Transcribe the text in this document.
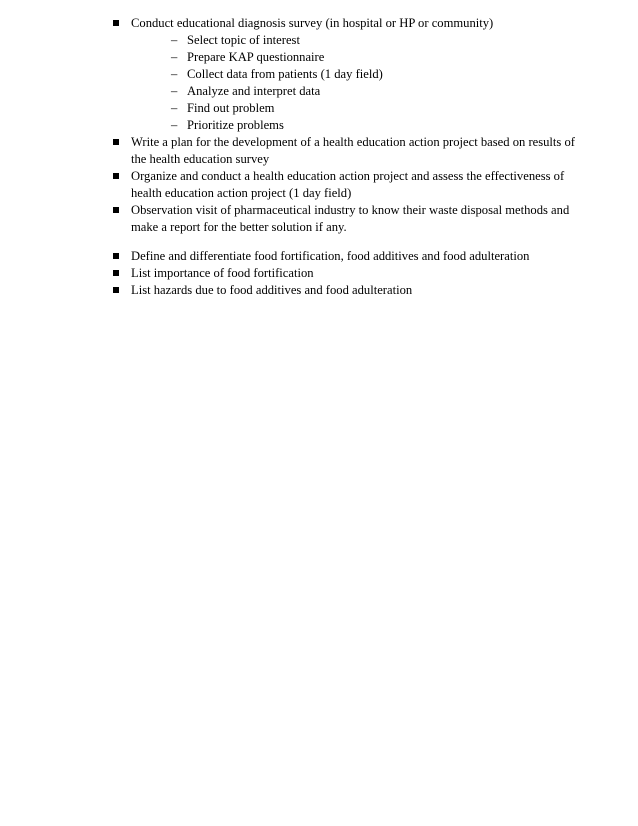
Conduct educational diagnosis survey (in hospital or HP or community)
– Select topic of interest
– Prepare KAP questionnaire
– Collect data from patients (1 day field)
– Analyze and interpret data
– Find out problem
– Prioritize problems
Write a plan for the development of a health education action project based on results of the health education survey
Organize and conduct a health education action project and assess the effectiveness of health education action project (1 day field)
Observation visit of pharmaceutical industry to know their waste disposal methods and make a report for the better solution if any.
Define and differentiate food fortification, food additives and food adulteration
List importance of food fortification
List hazards due to food additives and food adulteration
